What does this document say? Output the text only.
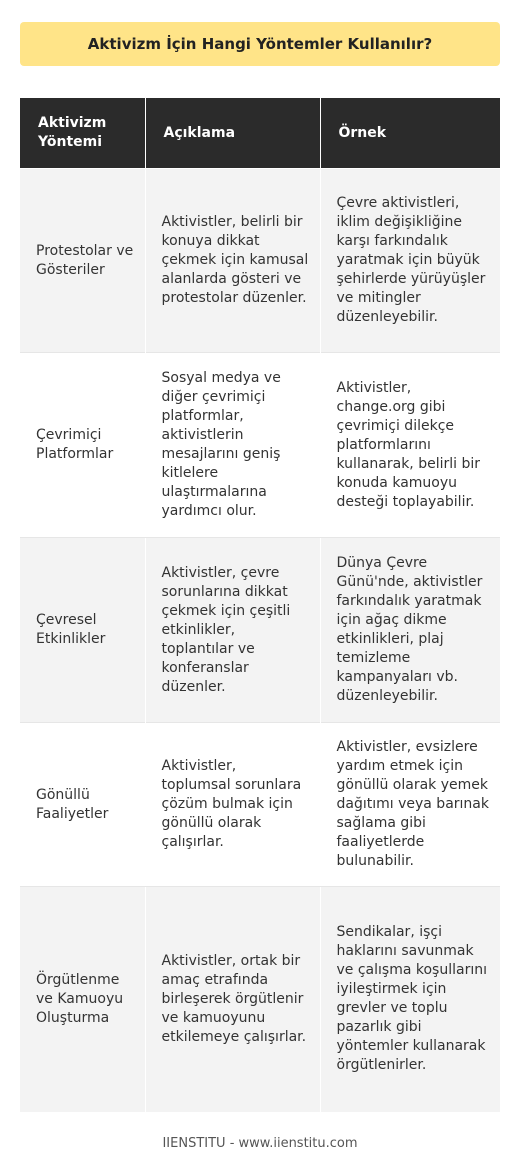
Aktivizm İçin Hangi Yöntemler Kullanılır?
Aktivizm Yöntemi	Açıklama	Örnek
Protestolar ve Gösteriler	Aktivistler, belirli bir konuya dikkat çekmek için kamusal alanlarda gösteri ve protestolar düzenler.	Çevre aktivistleri, iklim değişikliğine karşı farkındalık yaratmak için büyük şehirlerde yürüyüşler ve mitingler düzenleyebilir.
Çevrimiçi Platformlar	Sosyal medya ve diğer çevrimiçi platformlar, aktivistlerin mesajlarını geniş kitlelere ulaştırmalarına yardımcı olur.	Aktivistler, change.org gibi çevrimiçi dilekçe platformlarını kullanarak, belirli bir konuda kamuoyu desteği toplayabilir.
Çevresel Etkinlikler	Aktivistler, çevre sorunlarına dikkat çekmek için çeşitli etkinlikler, toplantılar ve konferanslar düzenler.	Dünya Çevre Günü'nde, aktivistler farkındalık yaratmak için ağaç dikme etkinlikleri, plaj temizleme kampanyaları vb. düzenleyebilir.
Gönüllü Faaliyetler	Aktivistler, toplumsal sorunlara çözüm bulmak için gönüllü olarak çalışırlar.	Aktivistler, evsizlere yardım etmek için gönüllü olarak yemek dağıtımı veya barınak sağlama gibi faaliyetlerde bulunabilir.
Örgütlenme ve Kamuoyu Oluşturma	Aktivistler, ortak bir amaç etrafında birleşerek örgütlenir ve kamuoyunu etkilemeye çalışırlar.	Sendikalar, işçi haklarını savunmak ve çalışma koşullarını iyileştirmek için grevler ve toplu pazarlık gibi yöntemler kullanarak örgütlenirler.
IIENSTITU - www.iienstitu.com
